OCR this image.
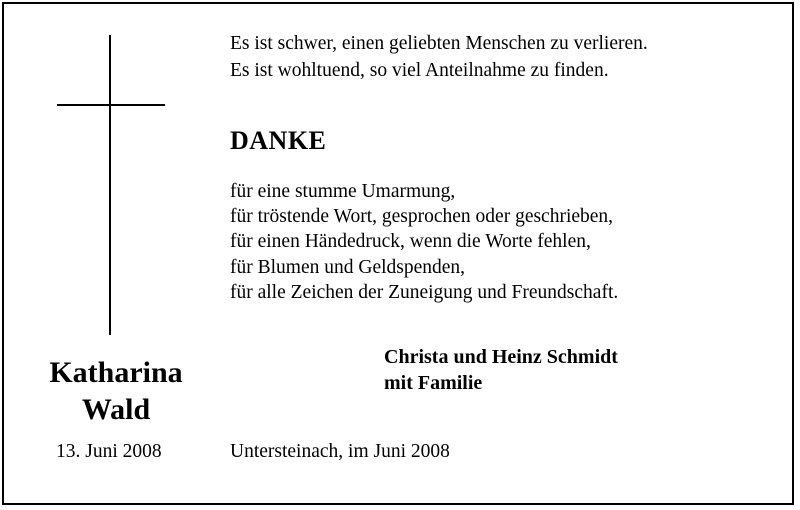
Es ist schwer, einen geliebten Menschen zu verlieren.
Es ist wohltuend, so viel Anteilnahme zu finden.
DANKE
für eine stumme Umarmung,
für tröstende Wort, gesprochen oder geschrieben,
für einen Händedruck, wenn die Worte fehlen,
für Blumen und Geldspenden,
für alle Zeichen der Zuneigung und Freundschaft.
Christa und Heinz Schmidt
mit Familie
Katharina
Wald
13. Juni 2008	Untersteinach, im Juni 2008
